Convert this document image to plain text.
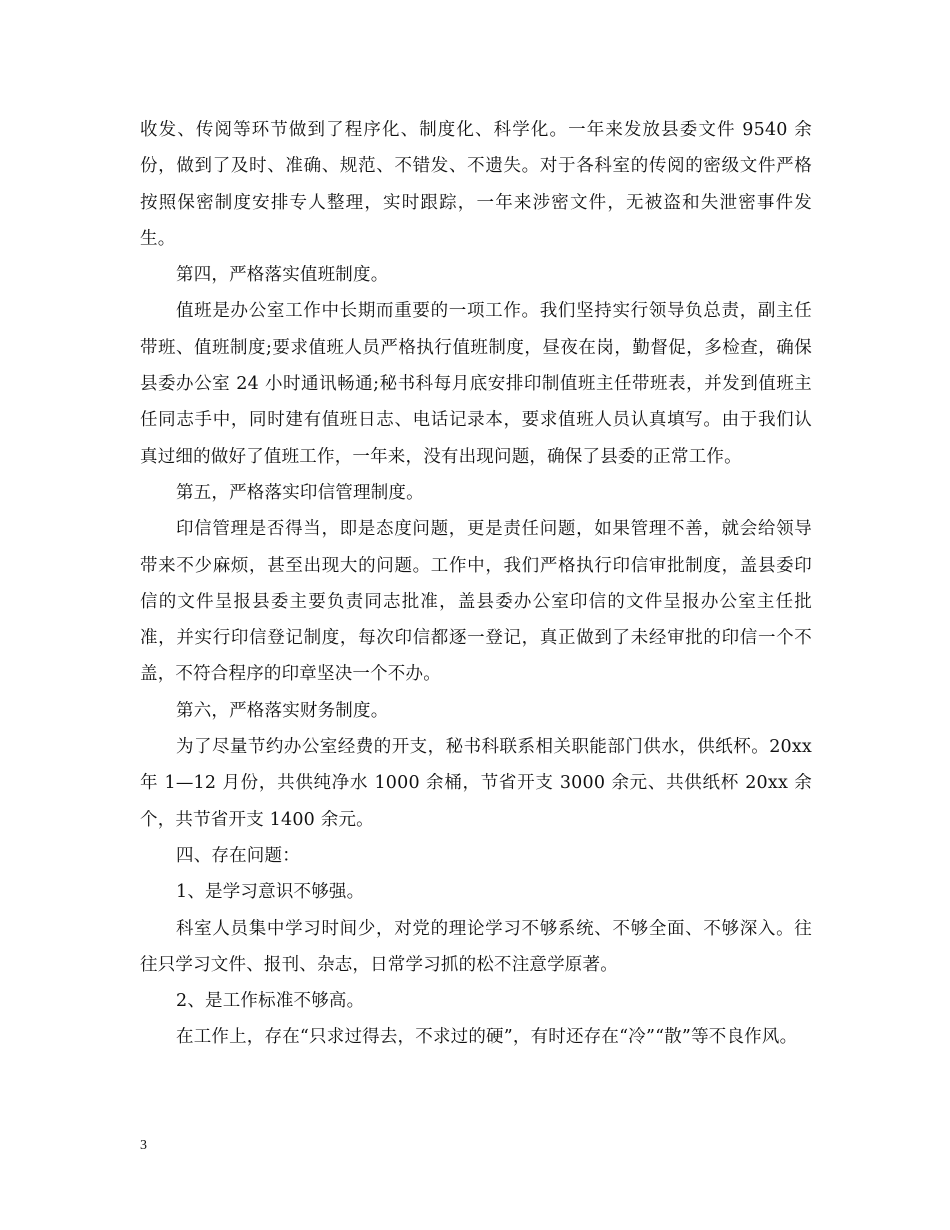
收发、传阅等环节做到了程序化、制度化、科学化。一年来发放县委文件 9540 余份，做到了及时、准确、规范、不错发、不遗失。对于各科室的传阅的密级文件严格按照保密制度安排专人整理，实时跟踪，一年来涉密文件，无被盗和失泄密事件发生。

第四，严格落实值班制度。

值班是办公室工作中长期而重要的一项工作。我们坚持实行领导负总责，副主任带班、值班制度;要求值班人员严格执行值班制度，昼夜在岗，勤督促，多检查，确保县委办公室 24 小时通讯畅通;秘书科每月底安排印制值班主任带班表，并发到值班主任同志手中，同时建有值班日志、电话记录本，要求值班人员认真填写。由于我们认真过细的做好了值班工作，一年来，没有出现问题，确保了县委的正常工作。

第五，严格落实印信管理制度。

印信管理是否得当，即是态度问题，更是责任问题，如果管理不善，就会给领导带来不少麻烦，甚至出现大的问题。工作中，我们严格执行印信审批制度，盖县委印信的文件呈报县委主要负责同志批准，盖县委办公室印信的文件呈报办公室主任批准，并实行印信登记制度，每次印信都逐一登记，真正做到了未经审批的印信一个不盖，不符合程序的印章坚决一个不办。

第六，严格落实财务制度。

为了尽量节约办公室经费的开支，秘书科联系相关职能部门供水，供纸杯。20xx 年 1—12 月份，共供纯净水 1000 余桶，节省开支 3000 余元、共供纸杯 20xx 余个，共节省开支 1400 余元。

四、存在问题：

1、是学习意识不够强。

科室人员集中学习时间少，对党的理论学习不够系统、不够全面、不够深入。往往只学习文件、报刊、杂志，日常学习抓的松不注意学原著。

2、是工作标准不够高。

在工作上，存在“只求过得去，不求过的硬”，有时还存在“冷”“散”等不良作风。

3
